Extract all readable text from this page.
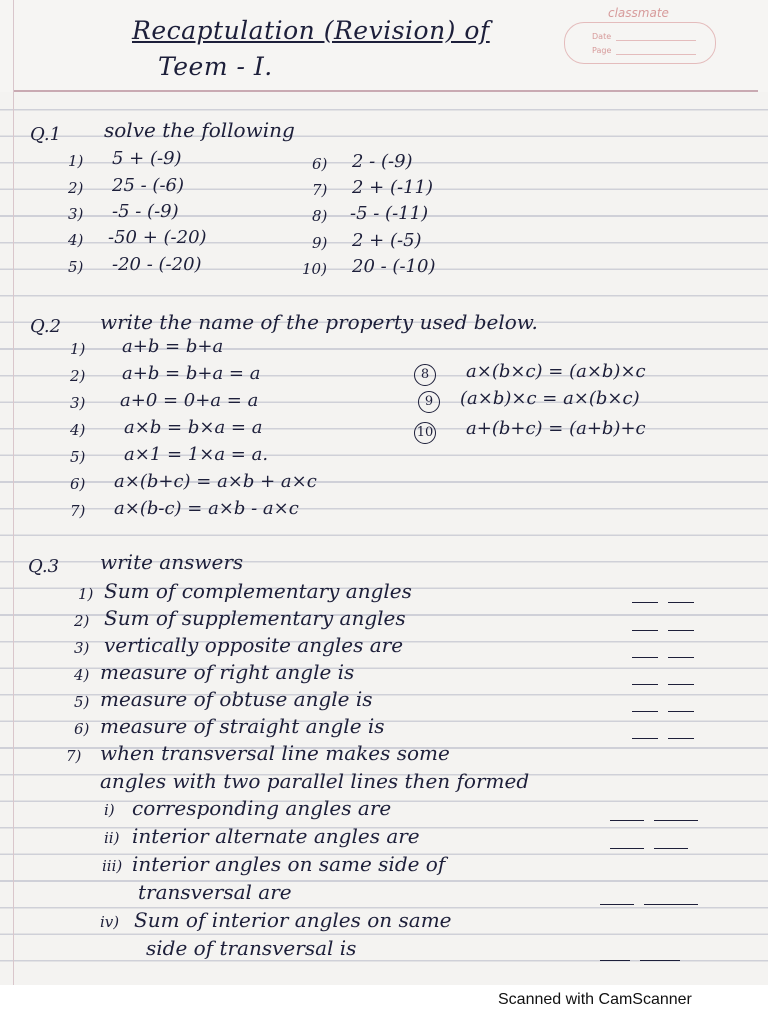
classmate
Date
Page
Recaptulation (Revision) of
Teem - I.
Q.1 solve the following
1) 5 + (-9)
2) 25 - (-6)
3) -5 - (-9)
4) -50 + (-20)
5) -20 - (-20)
6) 2 - (-9)
7) 2 + (-11)
8) -5 - (-11)
9) 2 + (-5)
10) 20 - (-10)
Q.2 write the name of the property used below.
1) a+b = b+a
2) a+b = b+a = a
3) a+0 = 0+a = a
4) a×b = b×a = a
5) a×1 = 1×a = a.
6) a×(b+c) = a×b + a×c
7) a×(b-c) = a×b - a×c
8	a×(b×c) = (a×b)×c
9	(a×b)×c = a×(b×c)
10 a+(b+c) = (a+b)+c
Q.3 write answers
1) Sum of complementary angles
2) Sum of supplementary angles
3) vertically opposite angles are
4) measure of right angle is
5) measure of obtuse angle is
6) measure of straight angle is
7) when transversal line makes some
angles with two parallel lines then formed
i) corresponding angles are
ii) interior alternate angles are
iii) interior angles on same side of
transversal are
iv) Sum of interior angles on same
side of transversal is
Scanned with CamScanner
